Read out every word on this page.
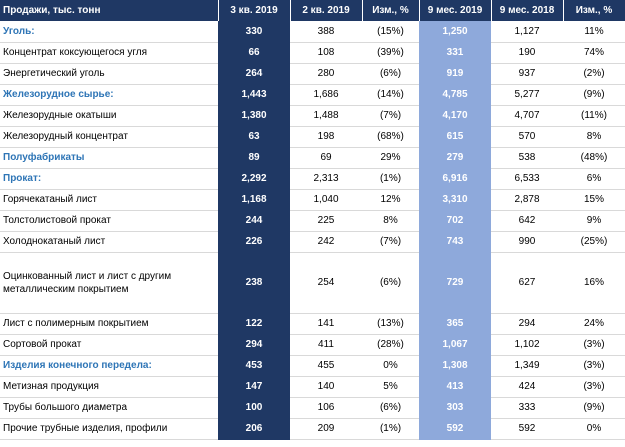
Продажи, тыс. тонн	3 кв. 2019	2 кв. 2019	Изм., %	9 мес. 2019	9 мес. 2018	Изм., %
Уголь:	330	388	(15%)	1,250	1,127	11%
Концентрат коксующегося угля	66	108	(39%)	331	190	74%
Энергетический уголь	264	280	(6%)	919	937	(2%)
Железорудное сырье:	1,443	1,686	(14%)	4,785	5,277	(9%)
Железорудные окатыши	1,380	1,488	(7%)	4,170	4,707	(11%)
Железорудный концентрат	63	198	(68%)	615	570	8%
Полуфабрикаты	89	69	29%	279	538	(48%)
Прокат:	2,292	2,313	(1%)	6,916	6,533	6%
Горячекатаный лист	1,168	1,040	12%	3,310	2,878	15%
Толстолистовой прокат	244	225	8%	702	642	9%
Холоднокатаный лист	226	242	(7%)	743	990	(25%)
Оцинкованный лист и лист с другим металлическим покрытием	238	254	(6%)	729	627	16%
Лист с полимерным покрытием	122	141	(13%)	365	294	24%
Сортовой прокат	294	411	(28%)	1,067	1,102	(3%)
Изделия конечного передела:	453	455	0%	1,308	1,349	(3%)
Метизная продукция	147	140	5%	413	424	(3%)
Трубы большого диаметра	100	106	(6%)	303	333	(9%)
Прочие трубные изделия, профили	206	209	(1%)	592	592	0%
